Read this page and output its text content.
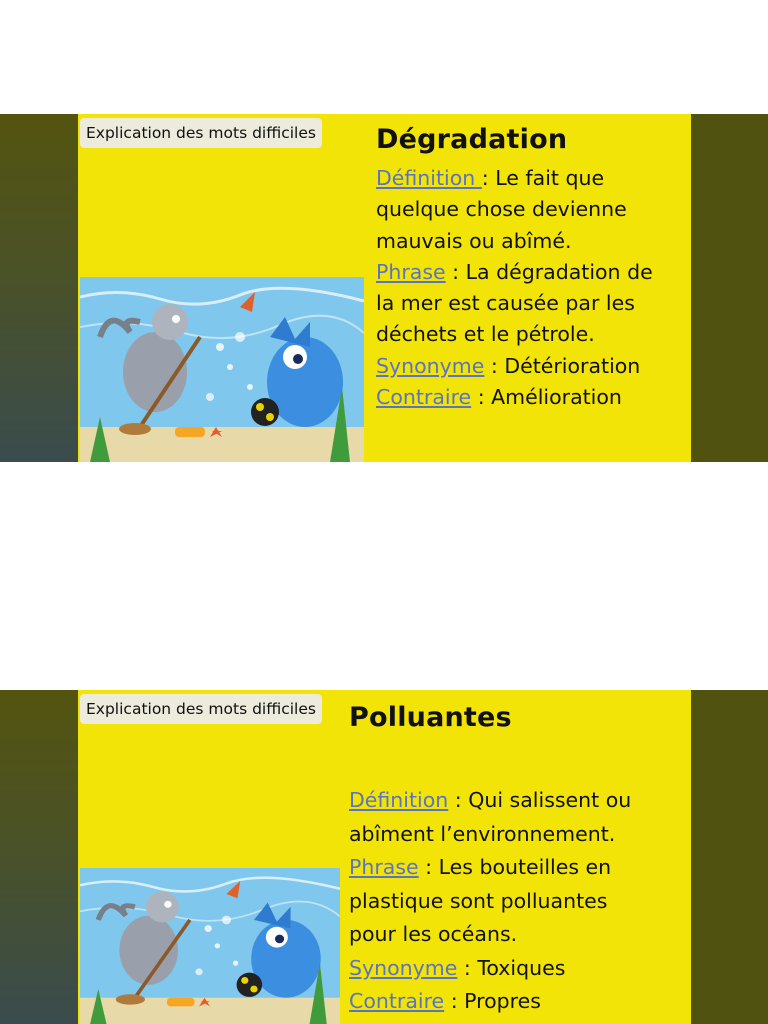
Explication des mots difficiles Dégradation
Définition : Le fait que
quelque chose devienne
mauvais ou abîmé.
Phrase : La dégradation de
la mer est causée par les
déchets et le pétrole.
Synonyme : Détérioration
Contraire : Amélioration
Explication des mots difficiles Polluantes
Définition : Qui salissent ou
abîment l’environnement.
Phrase : Les bouteilles en
plastique sont polluantes
pour les océans.
Synonyme : Toxiques
Contraire : Propres
